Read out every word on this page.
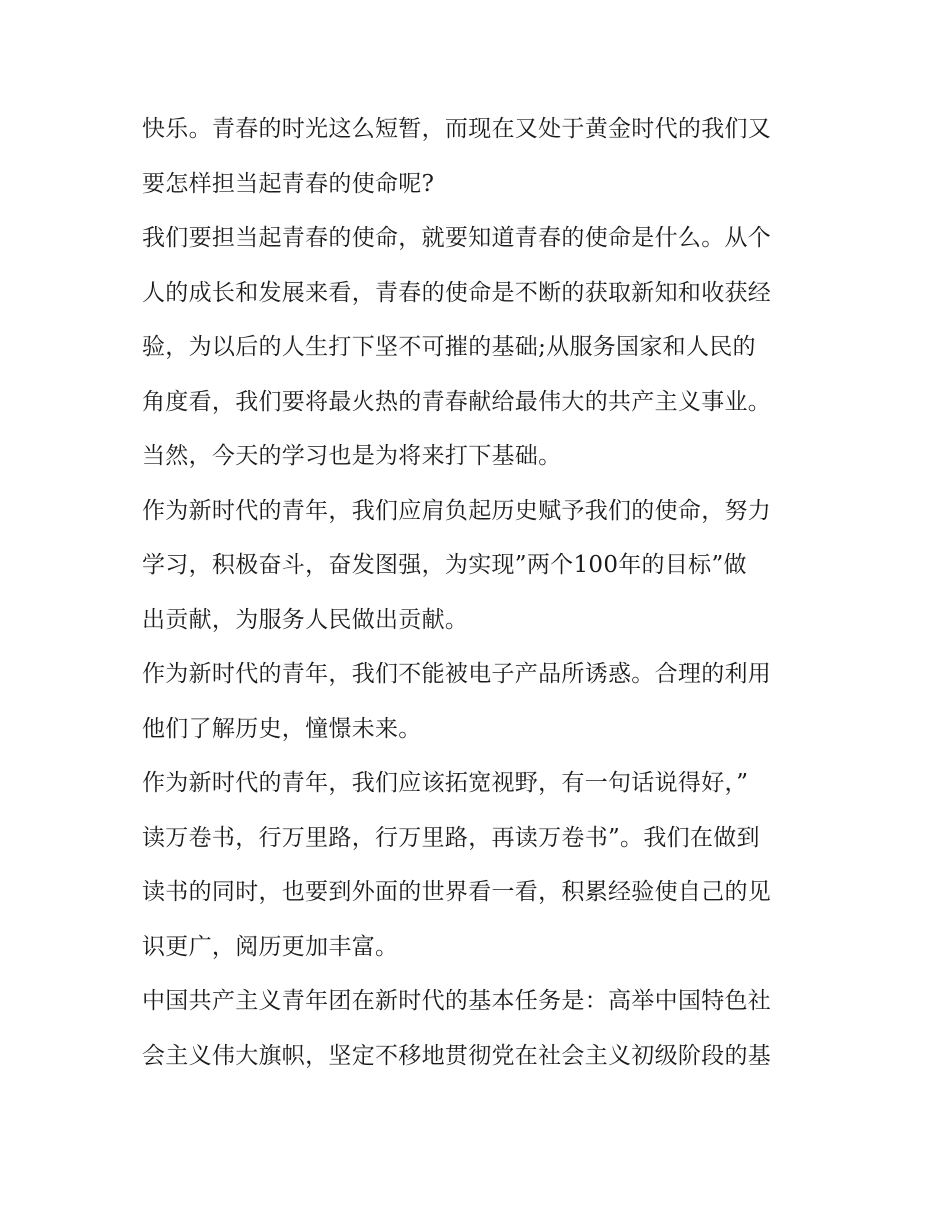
快乐。青春的时光这么短暂，而现在又处于黄金时代的我们又
要怎样担当起青春的使命呢?
我们要担当起青春的使命，就要知道青春的使命是什么。从个
人的成长和发展来看，青春的使命是不断的获取新知和收获经
验，为以后的人生打下坚不可摧的基础;从服务国家和人民的
角度看，我们要将最火热的青春献给最伟大的共产主义事业。
当然，今天的学习也是为将来打下基础。
作为新时代的青年，我们应肩负起历史赋予我们的使命，努力
学习，积极奋斗，奋发图强，为实现”两个100年的目标”做
出贡献，为服务人民做出贡献。
作为新时代的青年，我们不能被电子产品所诱惑。合理的利用
他们了解历史，憧憬未来。
作为新时代的青年，我们应该拓宽视野，有一句话说得好，”
读万卷书，行万里路，行万里路，再读万卷书”。我们在做到
读书的同时，也要到外面的世界看一看，积累经验使自己的见
识更广，阅历更加丰富。
中国共产主义青年团在新时代的基本任务是：高举中国特色社
会主义伟大旗帜，坚定不移地贯彻党在社会主义初级阶段的基
